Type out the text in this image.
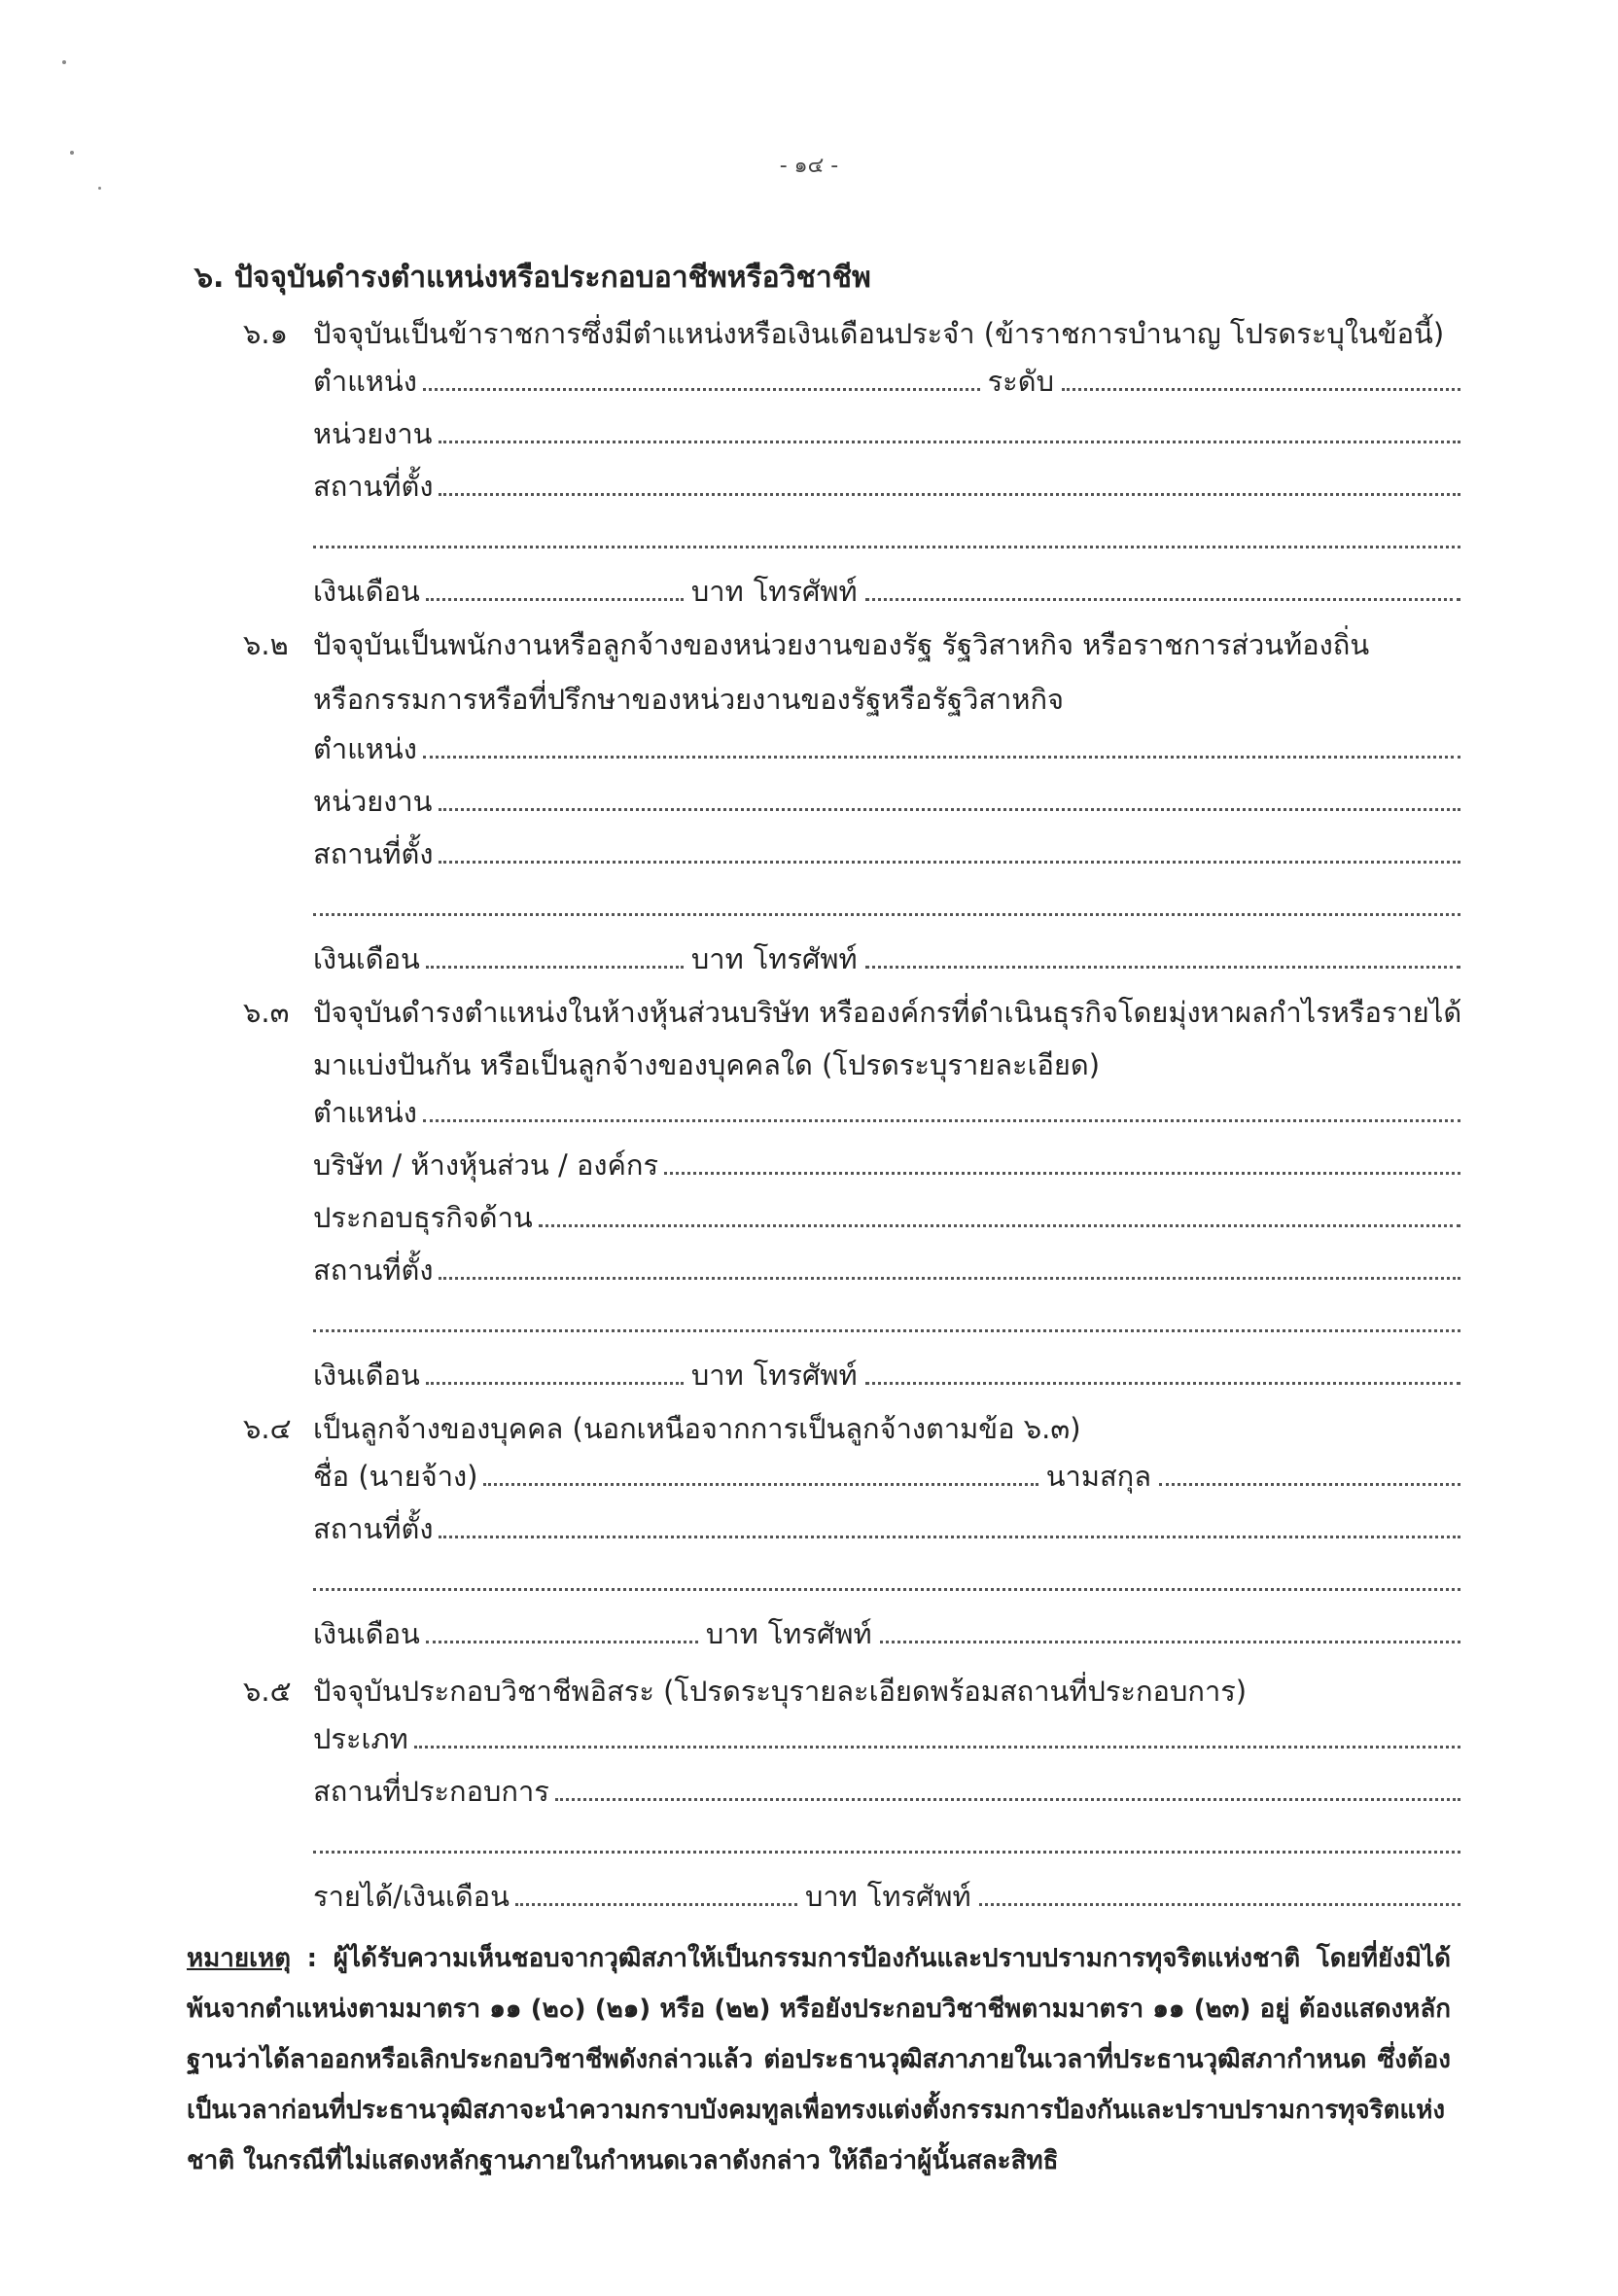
- ๑๔ -
๖. ปัจจุบันดำรงตำแหน่งหรือประกอบอาชีพหรือวิชาชีพ
๖.๑ ปัจจุบันเป็นข้าราชการซึ่งมีตำแหน่งหรือเงินเดือนประจำ (ข้าราชการบำนาญ โปรดระบุในข้อนี้)
ตำแหน่ง	ระดับ
หน่วยงาน
สถานที่ตั้ง
เงินเดือน	บาท โทรศัพท์
๖.๒ ปัจจุบันเป็นพนักงานหรือลูกจ้างของหน่วยงานของรัฐ รัฐวิสาหกิจ หรือราชการส่วนท้องถิ่น
หรือกรรมการหรือที่ปรึกษาของหน่วยงานของรัฐหรือรัฐวิสาหกิจ
ตำแหน่ง
หน่วยงาน
สถานที่ตั้ง
เงินเดือน	บาท โทรศัพท์
๖.๓ ปัจจุบันดำรงตำแหน่งในห้างหุ้นส่วนบริษัท หรือองค์กรที่ดำเนินธุรกิจโดยมุ่งหาผลกำไรหรือรายได้
มาแบ่งปันกัน หรือเป็นลูกจ้างของบุคคลใด (โปรดระบุรายละเอียด)
ตำแหน่ง
บริษัท / ห้างหุ้นส่วน / องค์กร
ประกอบธุรกิจด้าน
สถานที่ตั้ง
เงินเดือน	บาท โทรศัพท์
๖.๔ เป็นลูกจ้างของบุคคล (นอกเหนือจากการเป็นลูกจ้างตามข้อ ๖.๓)
ชื่อ (นายจ้าง)	นามสกุล
สถานที่ตั้ง
เงินเดือน	บาท โทรศัพท์
๖.๕ ปัจจุบันประกอบวิชาชีพอิสระ (โปรดระบุรายละเอียดพร้อมสถานที่ประกอบการ)
ประเภท
สถานที่ประกอบการ
รายได้/เงินเดือน	บาท โทรศัพท์
หมายเหตุ : ผู้ได้รับความเห็นชอบจากวุฒิสภาให้เป็นกรรมการป้องกันและปราบปรามการทุจริตแห่งชาติ โดยที่ยังมิได้พ้นจากตำแหน่งตามมาตรา ๑๑ (๒๐) (๒๑) หรือ (๒๒) หรือยังประกอบวิชาชีพตามมาตรา ๑๑ (๒๓) อยู่ ต้องแสดงหลักฐานว่าได้ลาออกหรือเลิกประกอบวิชาชีพดังกล่าวแล้ว ต่อประธานวุฒิสภาภายในเวลาที่ประธานวุฒิสภากำหนด ซึ่งต้องเป็นเวลาก่อนที่ประธานวุฒิสภาจะนำความกราบบังคมทูลเพื่อทรงแต่งตั้งกรรมการป้องกันและปราบปรามการทุจริตแห่งชาติ ในกรณีที่ไม่แสดงหลักฐานภายในกำหนดเวลาดังกล่าว ให้ถือว่าผู้นั้นสละสิทธิ
